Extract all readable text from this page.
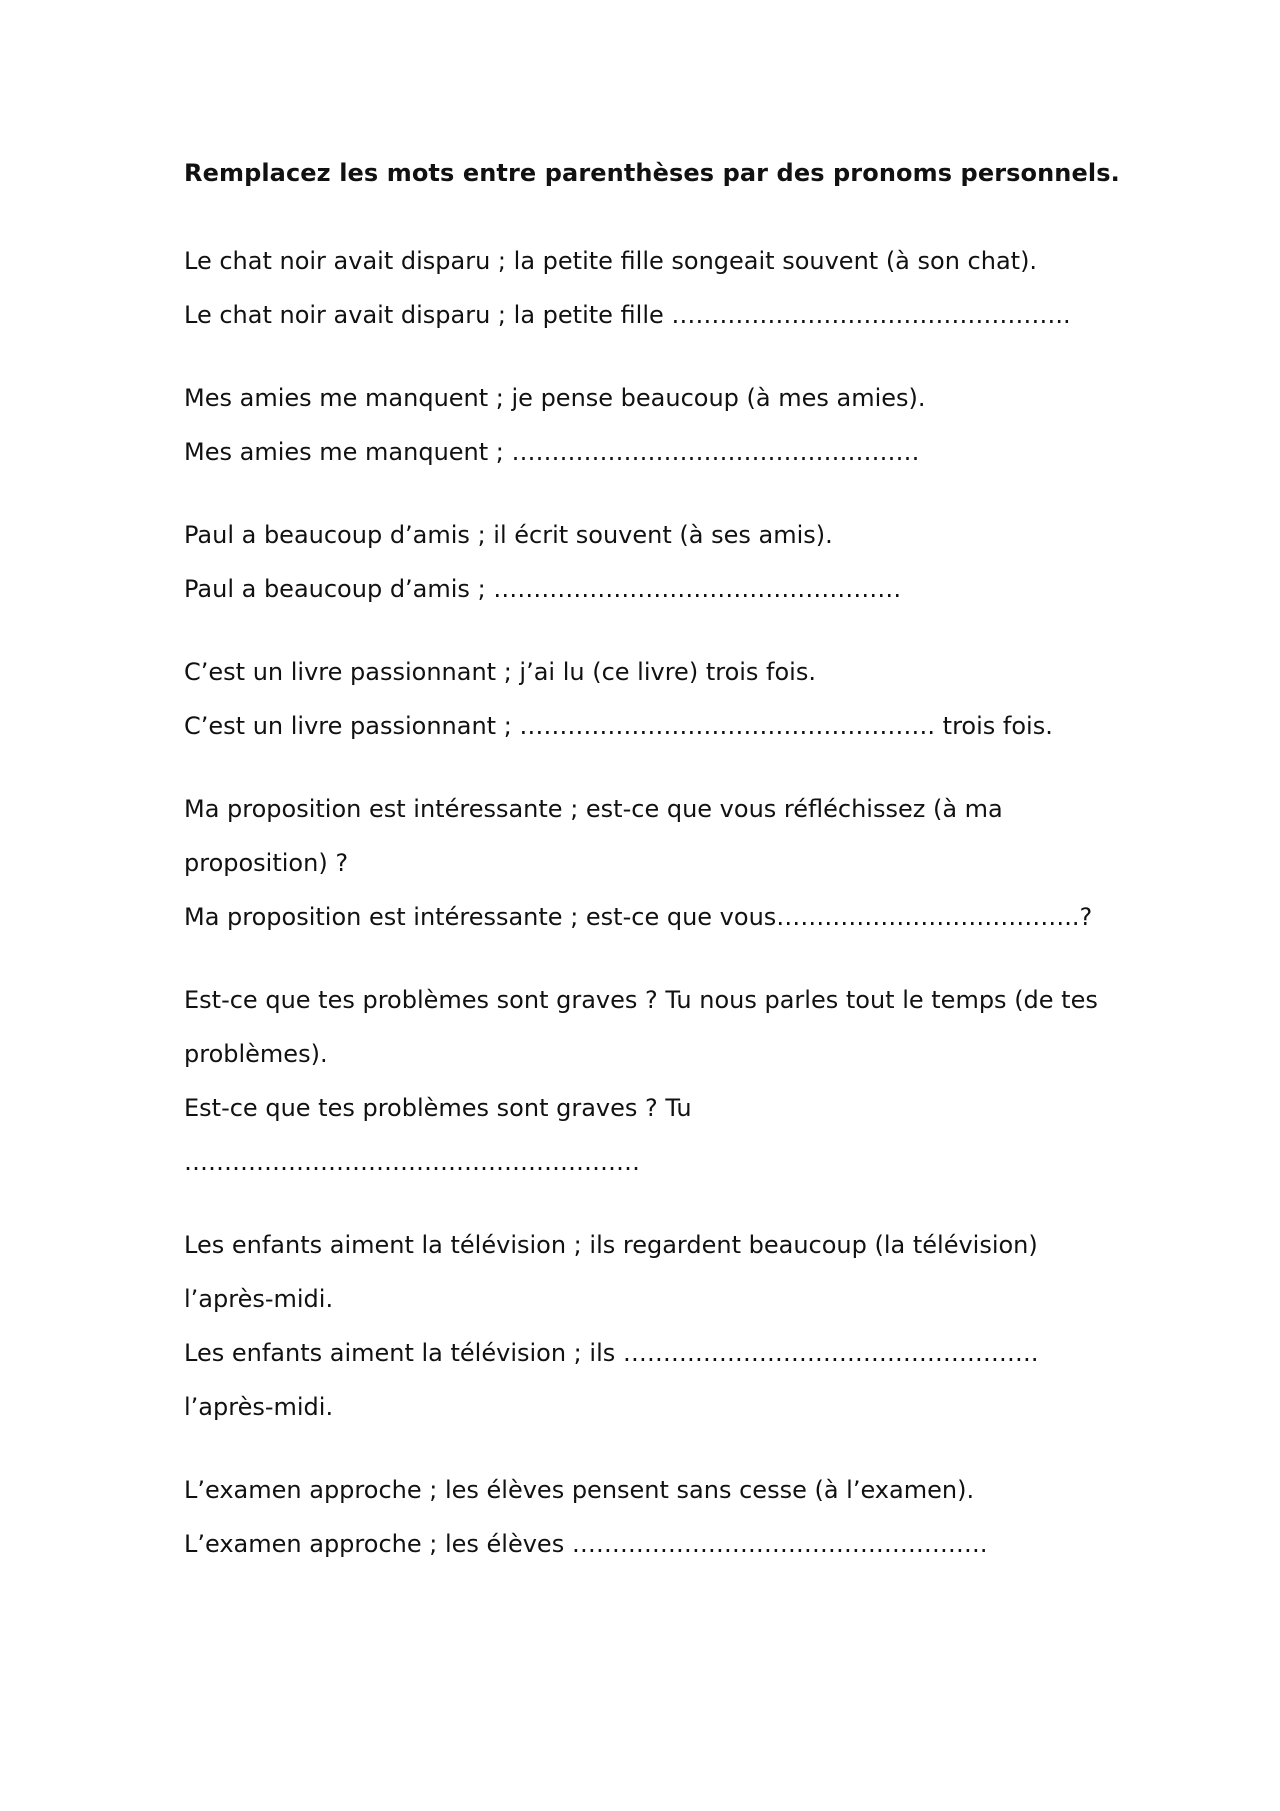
Remplacez les mots entre parenthèses par des pronoms personnels.

Le chat noir avait disparu ; la petite fille songeait souvent (à son chat).

Le chat noir avait disparu ; la petite fille …………………………………………..

Mes amies me manquent ; je pense beaucoup (à mes amies).

Mes amies me manquent ; ……………………………………………

Paul a beaucoup d’amis ; il écrit souvent (à ses amis).

Paul a beaucoup d’amis ; ……………………………………………

C’est un livre passionnant ; j’ai lu (ce livre) trois fois.

C’est un livre passionnant ; ……………………………………………. trois fois.

Ma proposition est intéressante ; est-ce que vous réfléchissez (à ma proposition) ?

Ma proposition est intéressante ; est-ce que vous………………………………..?

Est-ce que tes problèmes sont graves ? Tu nous parles tout le temps (de tes problèmes).

Est-ce que tes problèmes sont graves ? Tu …………………………………………………

Les enfants aiment la télévision ; ils regardent beaucoup (la télévision) l’après-midi.

Les enfants aiment la télévision ; ils ……………………………………………. l’après-midi.

L’examen approche ; les élèves pensent sans cesse (à l’examen).

L’examen approche ; les élèves …………………………………………….
